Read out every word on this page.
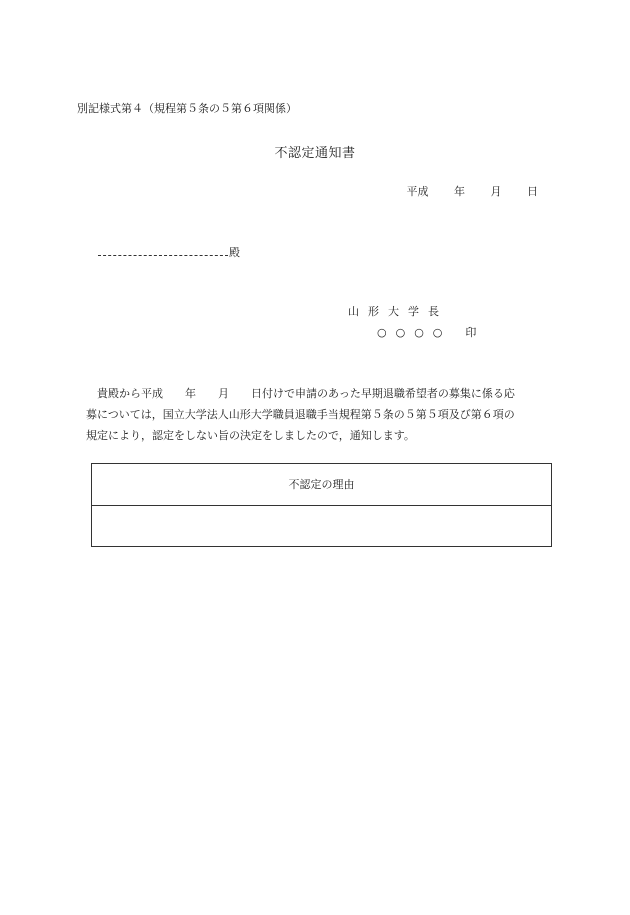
別記様式第４（規程第５条の５第６項関係）
不認定通知書
平成 年 月 日
殿
山形大学長
○○○○ 印
貴殿から平成　　年　　月　　日付けで申請のあった早期退職希望者の募集に係る応
募については，国立大学法人山形大学職員退職手当規程第５条の５第５項及び第６項の
規定により，認定をしない旨の決定をしましたので，通知します。
不認定の理由
